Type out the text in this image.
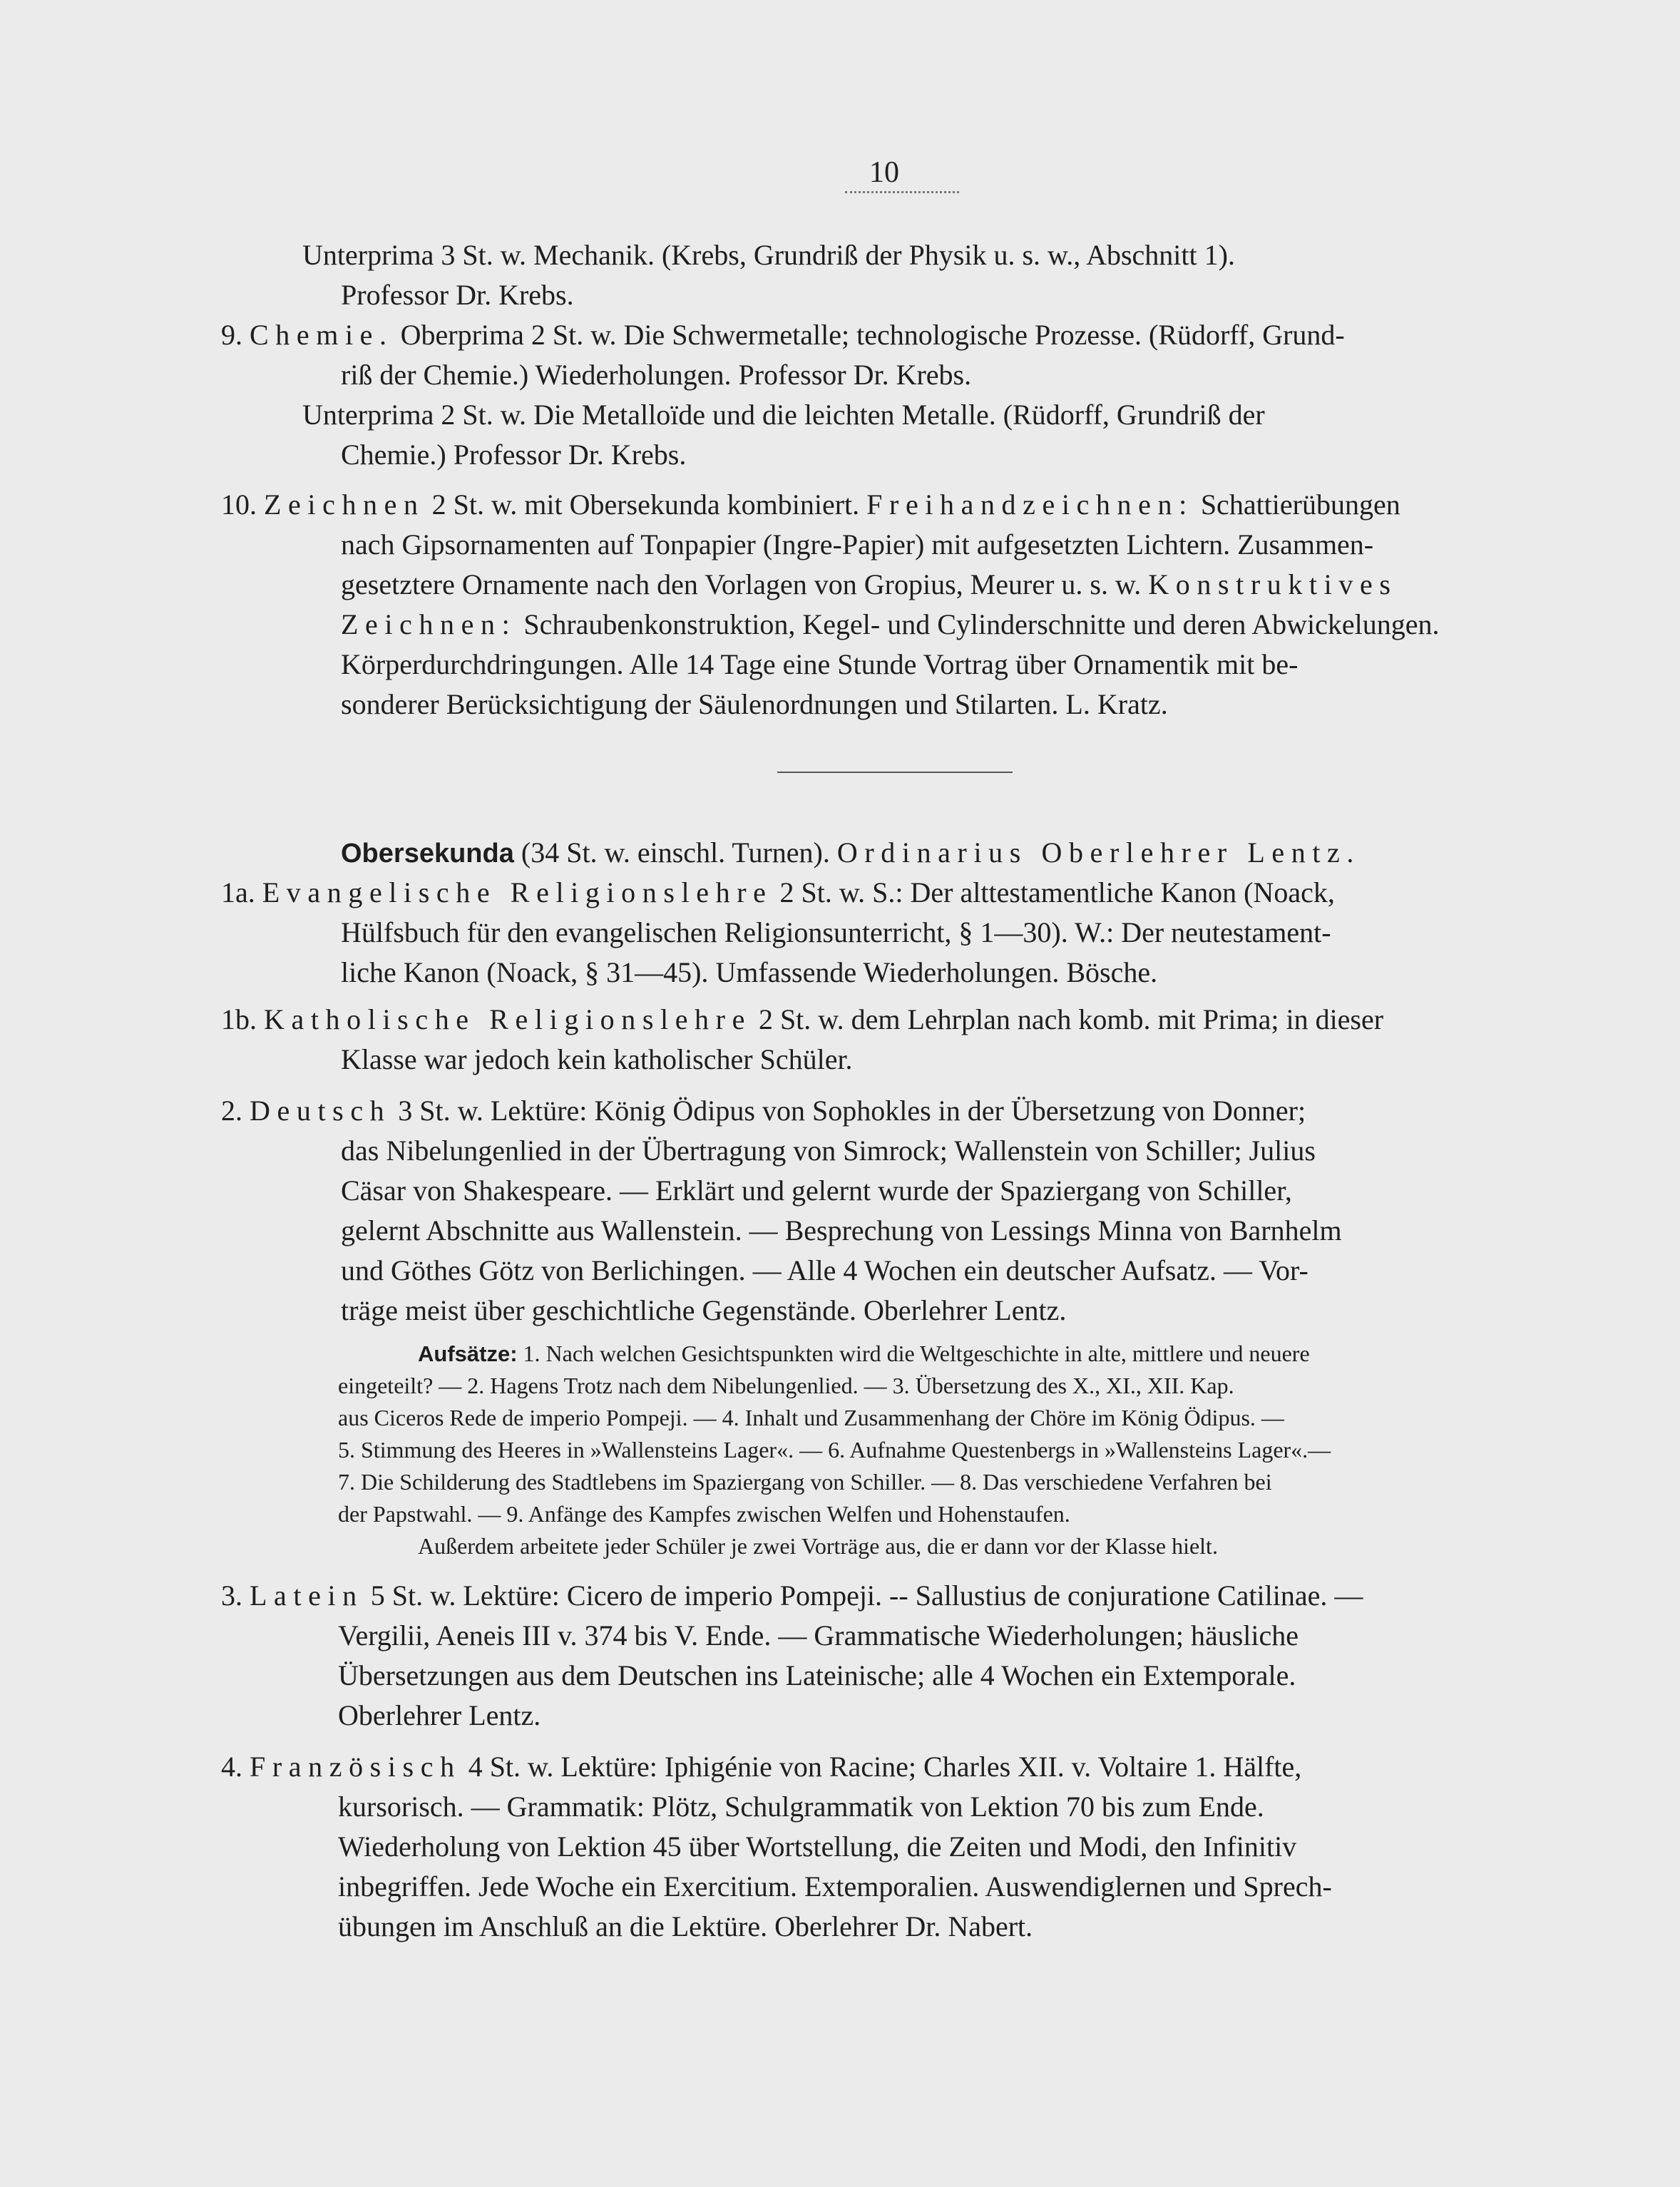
10
Unterprima 3 St. w. Mechanik. (Krebs, Grundriß der Physik u. s. w., Abschnitt 1).
Professor Dr. Krebs.
9. Chemie. Oberprima 2 St. w. Die Schwermetalle; technologische Prozesse. (Rüdorff, Grund-
riß der Chemie.) Wiederholungen. Professor Dr. Krebs.
Unterprima 2 St. w. Die Metalloïde und die leichten Metalle. (Rüdorff, Grundriß der
Chemie.) Professor Dr. Krebs.
10. Zeichnen 2 St. w. mit Obersekunda kombiniert. Freihandzeichnen: Schattierübungen
nach Gipsornamenten auf Tonpapier (Ingre-Papier) mit aufgesetzten Lichtern. Zusammen-
gesetztere Ornamente nach den Vorlagen von Gropius, Meurer u. s. w. Konstruktives
Zeichnen: Schraubenkonstruktion, Kegel- und Cylinderschnitte und deren Abwickelungen.
Körperdurchdringungen. Alle 14 Tage eine Stunde Vortrag über Ornamentik mit be-
sonderer Berücksichtigung der Säulenordnungen und Stilarten. L. Kratz.
Obersekunda (34 St. w. einschl. Turnen). Ordinarius Oberlehrer Lentz.
1a. Evangelische Religionslehre 2 St. w. S.: Der alttestamentliche Kanon (Noack,
Hülfsbuch für den evangelischen Religionsunterricht, § 1—30). W.: Der neutestament-
liche Kanon (Noack, § 31—45). Umfassende Wiederholungen. Bösche.
1b. Katholische Religionslehre 2 St. w. dem Lehrplan nach komb. mit Prima; in dieser
Klasse war jedoch kein katholischer Schüler.
2. Deutsch 3 St. w. Lektüre: König Ödipus von Sophokles in der Übersetzung von Donner;
das Nibelungenlied in der Übertragung von Simrock; Wallenstein von Schiller; Julius
Cäsar von Shakespeare. — Erklärt und gelernt wurde der Spaziergang von Schiller,
gelernt Abschnitte aus Wallenstein. — Besprechung von Lessings Minna von Barnhelm
und Göthes Götz von Berlichingen. — Alle 4 Wochen ein deutscher Aufsatz. — Vor-
träge meist über geschichtliche Gegenstände. Oberlehrer Lentz.
Aufsätze: 1. Nach welchen Gesichtspunkten wird die Weltgeschichte in alte, mittlere und neuere
eingeteilt? — 2. Hagens Trotz nach dem Nibelungenlied. — 3. Übersetzung des X., XI., XII. Kap.
aus Ciceros Rede de imperio Pompeji. — 4. Inhalt und Zusammenhang der Chöre im König Ödipus. —
5. Stimmung des Heeres in »Wallensteins Lager«. — 6. Aufnahme Questenbergs in »Wallensteins Lager«.—
7. Die Schilderung des Stadtlebens im Spaziergang von Schiller. — 8. Das verschiedene Verfahren bei
der Papstwahl. — 9. Anfänge des Kampfes zwischen Welfen und Hohenstaufen.
Außerdem arbeitete jeder Schüler je zwei Vorträge aus, die er dann vor der Klasse hielt.
3. Latein 5 St. w. Lektüre: Cicero de imperio Pompeji. -- Sallustius de conjuratione Catilinae. —
Vergilii, Aeneis III v. 374 bis V. Ende. — Grammatische Wiederholungen; häusliche
Übersetzungen aus dem Deutschen ins Lateinische; alle 4 Wochen ein Extemporale.
Oberlehrer Lentz.
4. Französisch 4 St. w. Lektüre: Iphigénie von Racine; Charles XII. v. Voltaire 1. Hälfte,
kursorisch. — Grammatik: Plötz, Schulgrammatik von Lektion 70 bis zum Ende.
Wiederholung von Lektion 45 über Wortstellung, die Zeiten und Modi, den Infinitiv
inbegriffen. Jede Woche ein Exercitium. Extemporalien. Auswendiglernen und Sprech-
übungen im Anschluß an die Lektüre. Oberlehrer Dr. Nabert.
